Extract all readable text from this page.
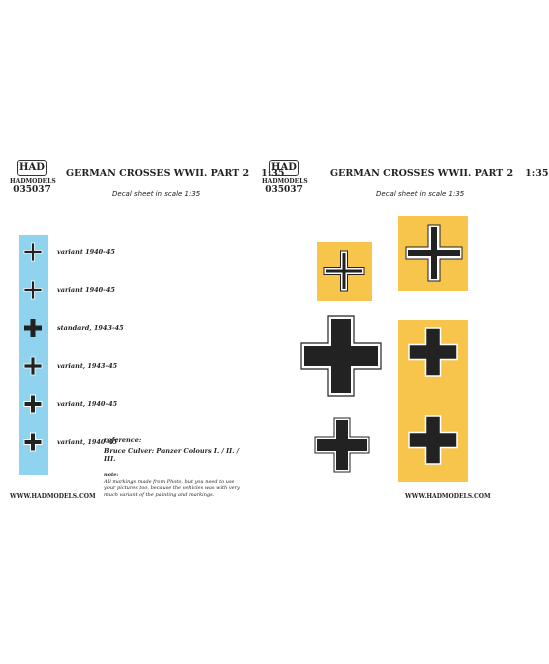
HAD
HADMODELS
035037
GERMAN CROSSES WWII. PART 2 1:35
Decal sheet in scale 1:35
variant 1940-45
variant 1940-45
standard, 1943-45
variant, 1943-45
variant, 1940-45
variant, 1940-45
reference:
Bruce Culver: Panzer Colours I. / II. / III.
note:
All markings made from Photo, but you need to use your pictures too, because the vehicles was with very much variant of the painting and markings.
WWW.HADMODELS.COM
HAD
HADMODELS
035037
GERMAN CROSSES WWII. PART 2 1:35
Decal sheet in scale 1:35
WWW.HADMODELS.COM
